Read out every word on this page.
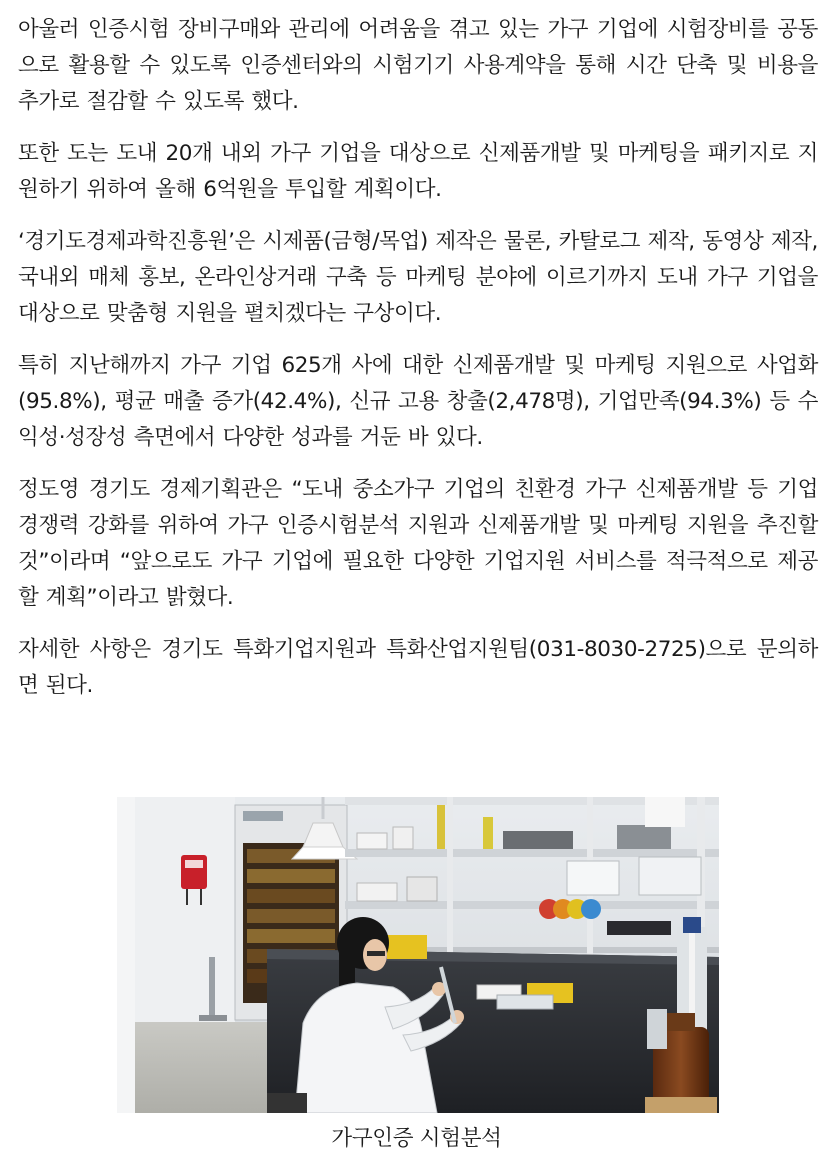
아울러 인증시험 장비구매와 관리에 어려움을 겪고 있는 가구 기업에 시험장비를 공동으로 활용할 수 있도록 인증센터와의 시험기기 사용계약을 통해 시간 단축 및 비용을 추가로 절감할 수 있도록 했다.

또한 도는 도내 20개 내외 가구 기업을 대상으로 신제품개발 및 마케팅을 패키지로 지원하기 위하여 올해 6억원을 투입할 계획이다.

‘경기도경제과학진흥원’은 시제품(금형/목업) 제작은 물론, 카탈로그 제작, 동영상 제작, 국내외 매체 홍보, 온라인상거래 구축 등 마케팅 분야에 이르기까지 도내 가구 기업을 대상으로 맞춤형 지원을 펼치겠다는 구상이다.

특히 지난해까지 가구 기업 625개 사에 대한 신제품개발 및 마케팅 지원으로 사업화(95.8%), 평균 매출 증가(42.4%), 신규 고용 창출(2,478명), 기업만족(94.3%) 등 수익성·성장성 측면에서 다양한 성과를 거둔 바 있다.

정도영 경기도 경제기획관은 “도내 중소가구 기업의 친환경 가구 신제품개발 등 기업 경쟁력 강화를 위하여 가구 인증시험분석 지원과 신제품개발 및 마케팅 지원을 추진할 것”이라며 “앞으로도 가구 기업에 필요한 다양한 기업지원 서비스를 적극적으로 제공할 계획”이라고 밝혔다.

자세한 사항은 경기도 특화기업지원과 특화산업지원팀(031-8030-2725)으로 문의하면 된다.

가구인증 시험분석
